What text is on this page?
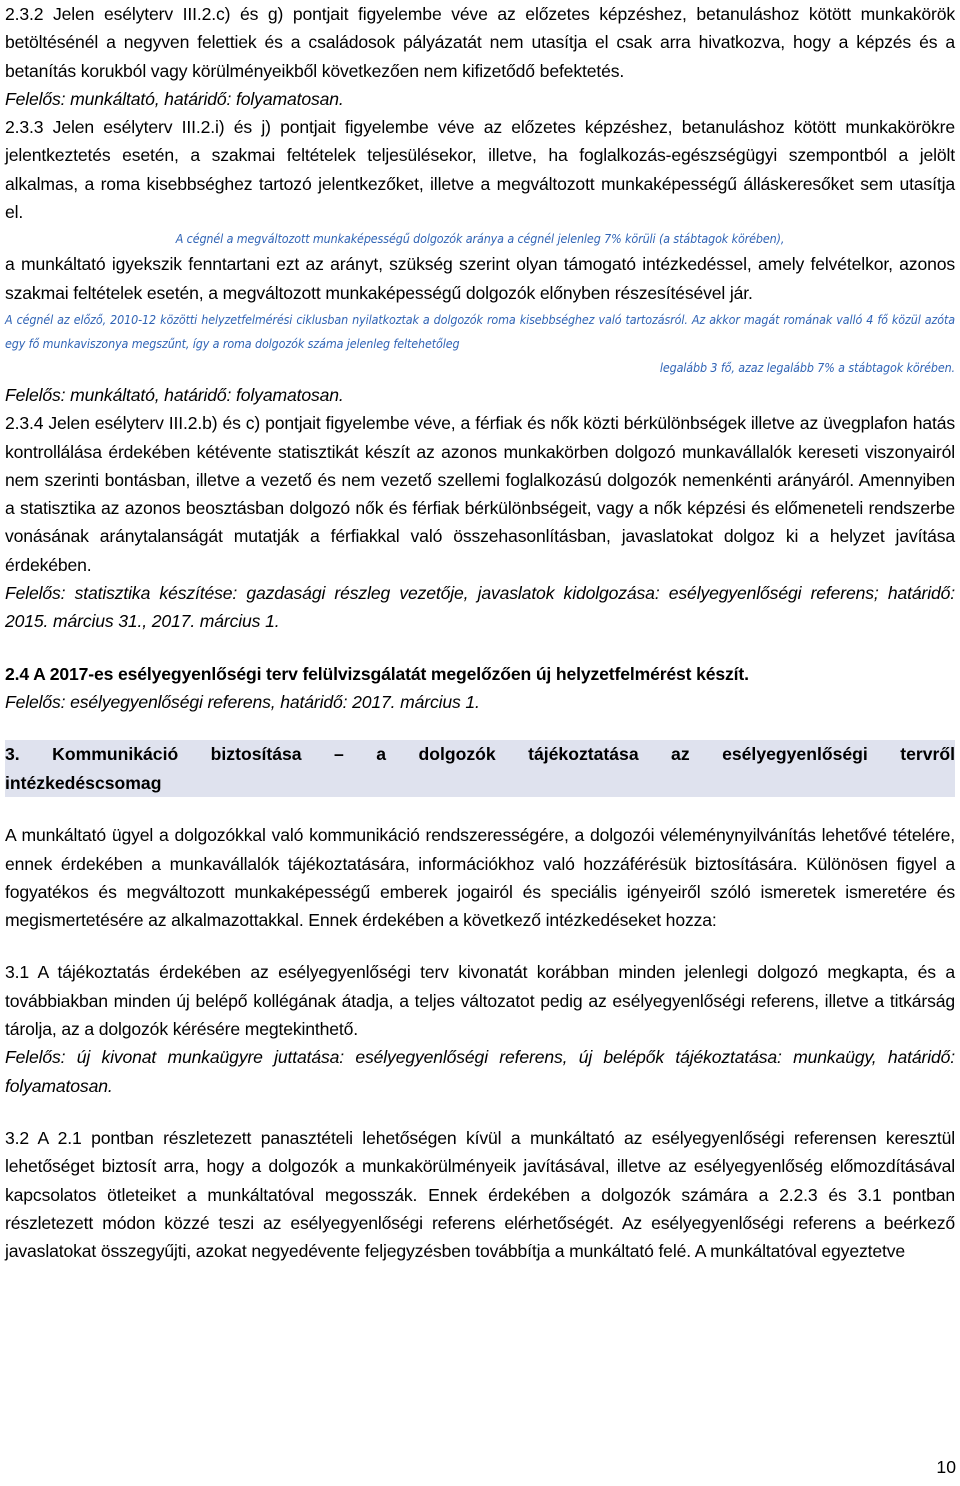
2.3.2 Jelen esélyterv III.2.c) és g) pontjait figyelembe véve az előzetes képzéshez, betanuláshoz kötött munkakörök betöltésénél a negyven felettiek és a családosok pályázatát nem utasítja el csak arra hivatkozva, hogy a képzés és a betanítás korukból vagy körülményeikből következően nem kifizetődő befektetés.

Felelős: munkáltató, határidő: folyamatosan.

2.3.3 Jelen esélyterv III.2.i) és j) pontjait figyelembe véve az előzetes képzéshez, betanuláshoz kötött munkakörökre jelentkeztetés esetén, a szakmai feltételek teljesülésekor, illetve, ha foglalkozás-egészségügyi szempontból a jelölt alkalmas, a roma kisebbséghez tartozó jelentkezőket, illetve a megváltozott munkaképességű álláskeresőket sem utasítja el.

A cégnél a megváltozott munkaképességű dolgozók aránya a cégnél jelenleg 7% körüli (a stábtagok körében),

a munkáltató igyekszik fenntartani ezt az arányt, szükség szerint olyan támogató intézkedéssel, amely felvételkor, azonos szakmai feltételek esetén, a megváltozott munkaképességű dolgozók előnyben részesítésével jár.

A cégnél az előző, 2010-12 közötti helyzetfelmérési ciklusban nyilatkoztak a dolgozók roma kisebbséghez való tartozásról. Az akkor magát romának valló 4 fő közül azóta egy fő munkaviszonya megszűnt, így a roma dolgozók száma jelenleg feltehetőleg

legalább 3 fő, azaz legalább 7% a stábtagok körében.

Felelős: munkáltató, határidő: folyamatosan.

2.3.4 Jelen esélyterv III.2.b) és c) pontjait figyelembe véve, a férfiak és nők közti bérkülönbségek illetve az üvegplafon hatás kontrollálása érdekében kétévente statisztikát készít az azonos munkakörben dolgozó munkavállalók kereseti viszonyairól nem szerinti bontásban, illetve a vezető és nem vezető szellemi foglalkozású dolgozók nemenkénti arányáról. Amennyiben a statisztika az azonos beosztásban dolgozó nők és férfiak bérkülönbségeit, vagy a nők képzési és előmeneteli rendszerbe vonásának aránytalanságát mutatják a férfiakkal való összehasonlításban, javaslatokat dolgoz ki a helyzet javítása érdekében.

Felelős: statisztika készítése: gazdasági részleg vezetője, javaslatok kidolgozása: esélyegyenlőségi referens; határidő: 2015. március 31., 2017. március 1.

2.4 A 2017-es esélyegyenlőségi terv felülvizsgálatát megelőzően új helyzetfelmérést készít.

Felelős: esélyegyenlőségi referens, határidő: 2017. március 1.

3. Kommunikáció biztosítása – a dolgozók tájékoztatása az esélyegyenlőségi tervről
intézkedéscsomag

A munkáltató ügyel a dolgozókkal való kommunikáció rendszerességére, a dolgozói véleménynyilvánítás lehetővé tételére, ennek érdekében a munkavállalók tájékoztatására, információkhoz való hozzáférésük biztosítására. Különösen figyel a fogyatékos és megváltozott munkaképességű emberek jogairól és speciális igényeiről szóló ismeretek ismeretére és megismertetésére az alkalmazottakkal. Ennek érdekében a következő intézkedéseket hozza:

3.1 A tájékoztatás érdekében az esélyegyenlőségi terv kivonatát korábban minden jelenlegi dolgozó megkapta, és a továbbiakban minden új belépő kollégának átadja, a teljes változatot pedig az esélyegyenlőségi referens, illetve a titkárság tárolja, az a dolgozók kérésére megtekinthető.

Felelős: új kivonat munkaügyre juttatása: esélyegyenlőségi referens, új belépők tájékoztatása: munkaügy, határidő: folyamatosan.

3.2 A 2.1 pontban részletezett panasztételi lehetőségen kívül a munkáltató az esélyegyenlőségi referensen keresztül lehetőséget biztosít arra, hogy a dolgozók a munkakörülményeik javításával, illetve az esélyegyenlőség előmozdításával kapcsolatos ötleteiket a munkáltatóval megosszák. Ennek érdekében a dolgozók számára a 2.2.3 és 3.1 pontban részletezett módon közzé teszi az esélyegyenlőségi referens elérhetőségét. Az esélyegyenlőségi referens a beérkező javaslatokat összegyűjti, azokat negyedévente feljegyzésben továbbítja a munkáltató felé. A munkáltatóval egyeztetve

10
